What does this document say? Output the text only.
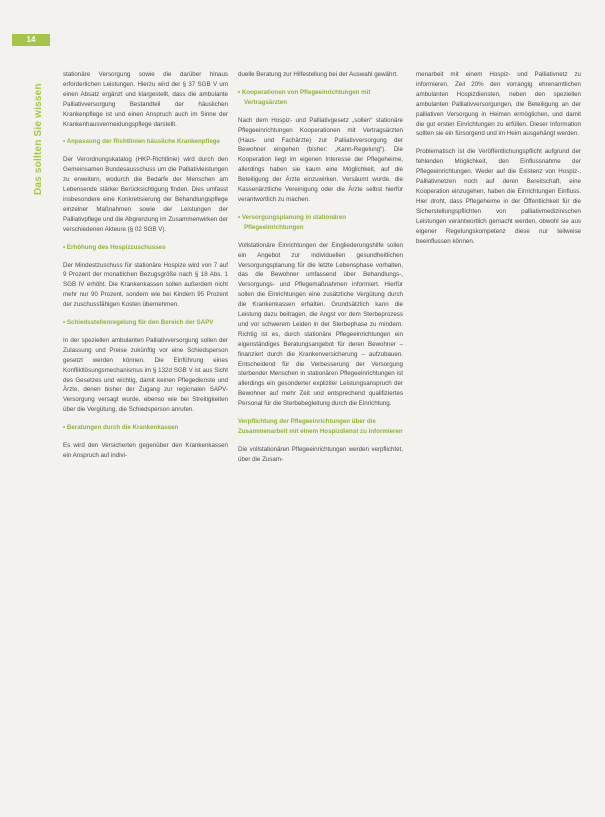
14
Das sollten Sie wissen

stationäre Versorgung sowie die darüber hinaus erforderlichen Leistungen. Hierzu wird der § 37 SGB V um einen Absatz ergänzt und klargestellt, dass die ambulante Palliativversorgung Bestandteil der häuslichen Krankenpflege ist und einen Anspruch auch im Sinne der Krankenhausvermeidungspflege darstellt.

• Anpassung der Richtlinien häusliche Krankenpflege

Der Verordnungskatalog (HKP-Richtlinie) wird durch den Gemeinsamen Bundesausschuss um die Palliativleistungen zu erweitern, wodurch die Bedarfe der Menschen am Lebensende stärker Berücksichtigung finden. Dies umfasst insbesondere eine Konkretisierung der Behandlungspflege einzelner Maßnahmen sowie der Leistungen der Palliativpflege und die Abgrenzung im Zusammenwirken der verschiedenen Akteure (§ 02 SGB V).

• Erhöhung des Hospizzuschusses

Der Mindestzuschuss für stationäre Hospize wird von 7 auf 9 Prozent der monatlichen Bezugsgröße nach § 18 Abs. 1 SGB IV erhöht. Die Krankenkassen sollen außerdem nicht mehr nur 90 Prozent, sondern wie bei Kindern 95 Prozent der zuschussfähigen Kosten übernehmen.

• Schiedsstellenregelung für den Bereich der SAPV

In der speziellen ambulanten Palliativversorgung sollen der Zulassung und Preise zukünftig vor eine Schiedsperson gesetzt werden können. Die Einführung eines Konfliktlösungsmechanismus im § 132d SGB V ist aus Sicht des Gesetzes und wichtig, damit keinen Pflegedienste und Ärzte, denen bisher der Zugang zur regionalen SAPV-Versorgung versagt wurde, ebenso wie bei Streitigkeiten über die Vergütung, die Schiedsperson anrufen.

• Beratungen durch die Krankenkassen

Es wird den Versicherten gegenüber den Krankenkassen ein Anspruch auf indivi-

duelle Beratung zur Hilfestellung bei der Auswahl gewährt.

• Kooperationen von Pflegeeinrichtungen mit Vertragsärzten

Nach dem Hospiz- und Palliativgesetz „sollen“ stationäre Pflegeeinrichtungen Kooperationen mit Vertragsärzten (Haus- und Fachärzte) zur Palliativversorgung der Bewohner eingehen (bisher: „Kann-Regelung“). Die Kooperation liegt im eigenen Interesse der Pflegeheime, allerdings haben sie kaum eine Möglichkeit, auf die Beteiligung der Ärzte einzuwirken. Versäumt wurde, die Kassenärztliche Vereinigung oder die Ärzte selbst hierfür verantwortlich zu machen.

• Versorgungsplanung in stationären Pflegeeinrichtungen

Vollstationäre Einrichtungen der Eingliederungshilfe sollen ein Angebot zur individuellen gesundheitlichen Versorgungsplanung für die letzte Lebensphase vorhalten, das die Bewohner umfassend über Behandlungs-, Versorgungs- und Pflegemaßnahmen informiert. Hierfür sollen die Einrichtungen eine zusätzliche Vergütung durch die Krankenkassen erhalten. Grundsätzlich kann die Leistung dazu beitragen, die Angst vor dem Sterbeprozess und vor schwerem Leiden in der Sterbephase zu mindern. Richtig ist es, durch stationäre Pflegeeinrichtungen ein eigenständiges Beratungsangebot für deren Bewohner – finanziert durch die Krankenversicherung – aufzubauen. Entscheidend für die Verbesserung der Versorgung sterbender Menschen in stationären Pflegeeinrichtungen ist allerdings ein gesonderter expliziter Leistungsanspruch der Bewohner auf mehr Zeit und entsprechend qualifiziertes Personal für die Sterbebegleitung durch die Einrichtung.

Verpflichtung der Pflegeeinrichtungen über die Zusammenarbeit mit einem Hospizdienst zu informieren

Die vollstationären Pflegeeinrichtungen werden verpflichtet, über die Zusam-

menarbeit mit einem Hospiz- und Palliativnetz zu informieren. Zeil 20% den vorrangig ehrenamtlichen ambulanten Hospizdiensten, neben den speziellen ambulanten Palliativversorgungen, die Beteiligung an der palliativen Versorgung in Heimen ermöglichen, und damit die gut ersten Einrichtungen zu erfüllen. Dieser Information sollten sie ein fürsorgend und im Heim ausgehängt werden.

Problematisch ist die Veröffentlichungspflicht aufgrund der fehlenden Möglichkeit, den Einflussnahme der Pflegeeinrichtungen. Weder auf die Existenz von Hospiz-, Palliativnetzen noch auf deren Bereitschaft, eine Kooperation einzugehen, haben die Einrichtungen Einfluss. Hier droht, dass Pflegeheime in der Öffentlichkeit für die Sicherstellungspflichten von palliativmedizinischen Leistungen verantwortlich gemacht werden, obwohl sie aus eigener Regelungskompetenz diese nur teilweise beeinflussen können.
